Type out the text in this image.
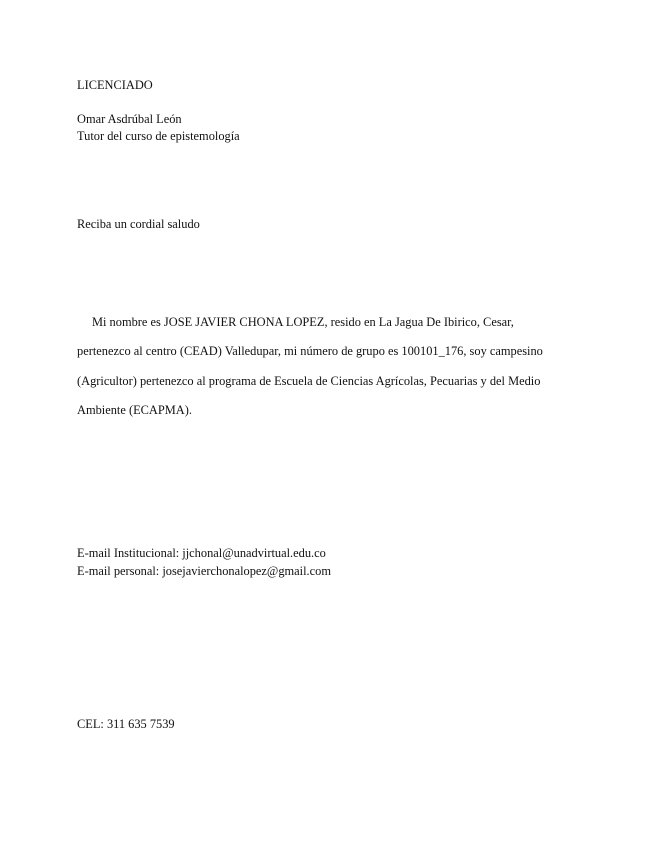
LICENCIADO
Omar Asdrúbal León
Tutor del curso de epistemología
Reciba un cordial saludo
Mi nombre es JOSE JAVIER CHONA LOPEZ, resido en La Jagua De Ibirico, Cesar,
pertenezco al centro (CEAD) Valledupar, mi número de grupo es 100101_176, soy campesino
(Agricultor) pertenezco al programa de Escuela de Ciencias Agrícolas, Pecuarias y del Medio
Ambiente (ECAPMA).
E-mail Institucional: jjchonal@unadvirtual.edu.co
E-mail personal: josejavierchonalopez@gmail.com
CEL: 311 635 7539
